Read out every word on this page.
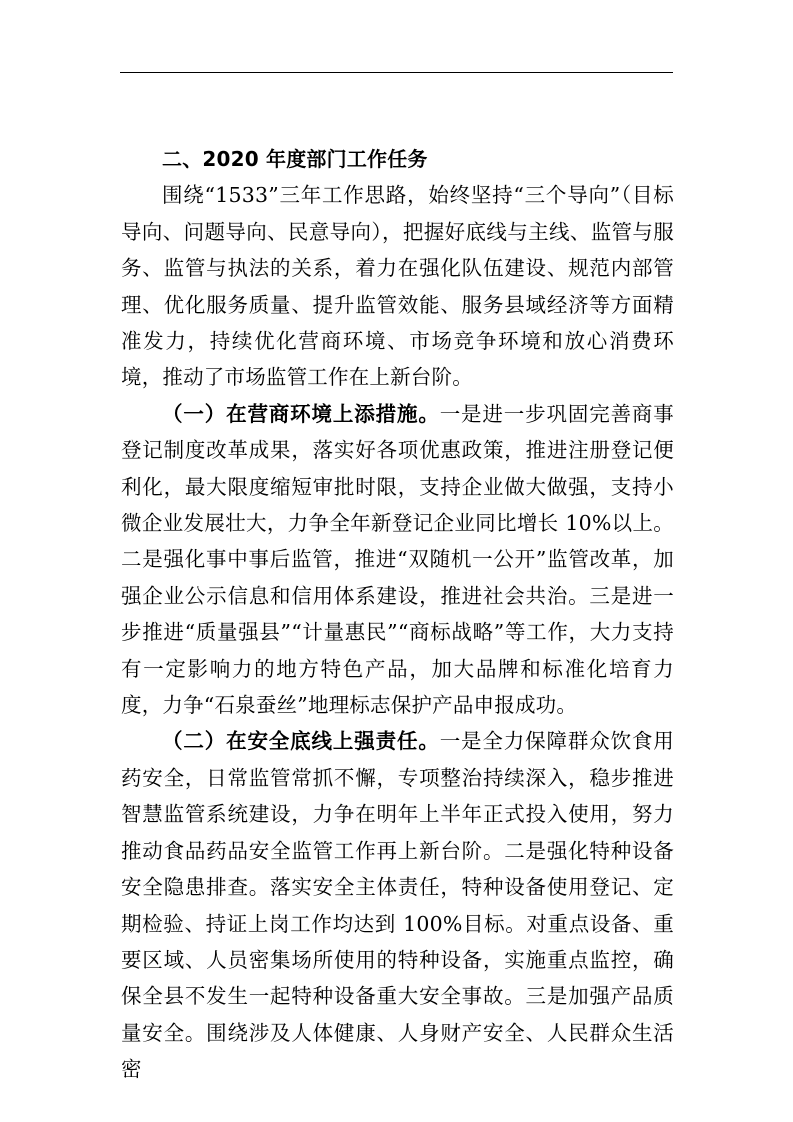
二、2020 年度部门工作任务

围绕“1533”三年工作思路，始终坚持“三个导向”（目标导向、问题导向、民意导向），把握好底线与主线、监管与服务、监管与执法的关系，着力在强化队伍建设、规范内部管理、优化服务质量、提升监管效能、服务县域经济等方面精准发力，持续优化营商环境、市场竞争环境和放心消费环境，推动了市场监管工作在上新台阶。

（一）在营商环境上添措施。一是进一步巩固完善商事登记制度改革成果，落实好各项优惠政策，推进注册登记便利化，最大限度缩短审批时限，支持企业做大做强，支持小微企业发展壮大，力争全年新登记企业同比增长 10%以上。二是强化事中事后监管，推进“双随机一公开”监管改革，加强企业公示信息和信用体系建设，推进社会共治。三是进一步推进“质量强县”“计量惠民”“商标战略”等工作，大力支持有一定影响力的地方特色产品，加大品牌和标准化培育力度，力争“石泉蚕丝”地理标志保护产品申报成功。

（二）在安全底线上强责任。一是全力保障群众饮食用药安全，日常监管常抓不懈，专项整治持续深入，稳步推进智慧监管系统建设，力争在明年上半年正式投入使用，努力推动食品药品安全监管工作再上新台阶。二是强化特种设备安全隐患排查。落实安全主体责任，特种设备使用登记、定期检验、持证上岗工作均达到 100%目标。对重点设备、重要区域、人员密集场所使用的特种设备，实施重点监控，确保全县不发生一起特种设备重大安全事故。三是加强产品质量安全。围绕涉及人体健康、人身财产安全、人民群众生活密
